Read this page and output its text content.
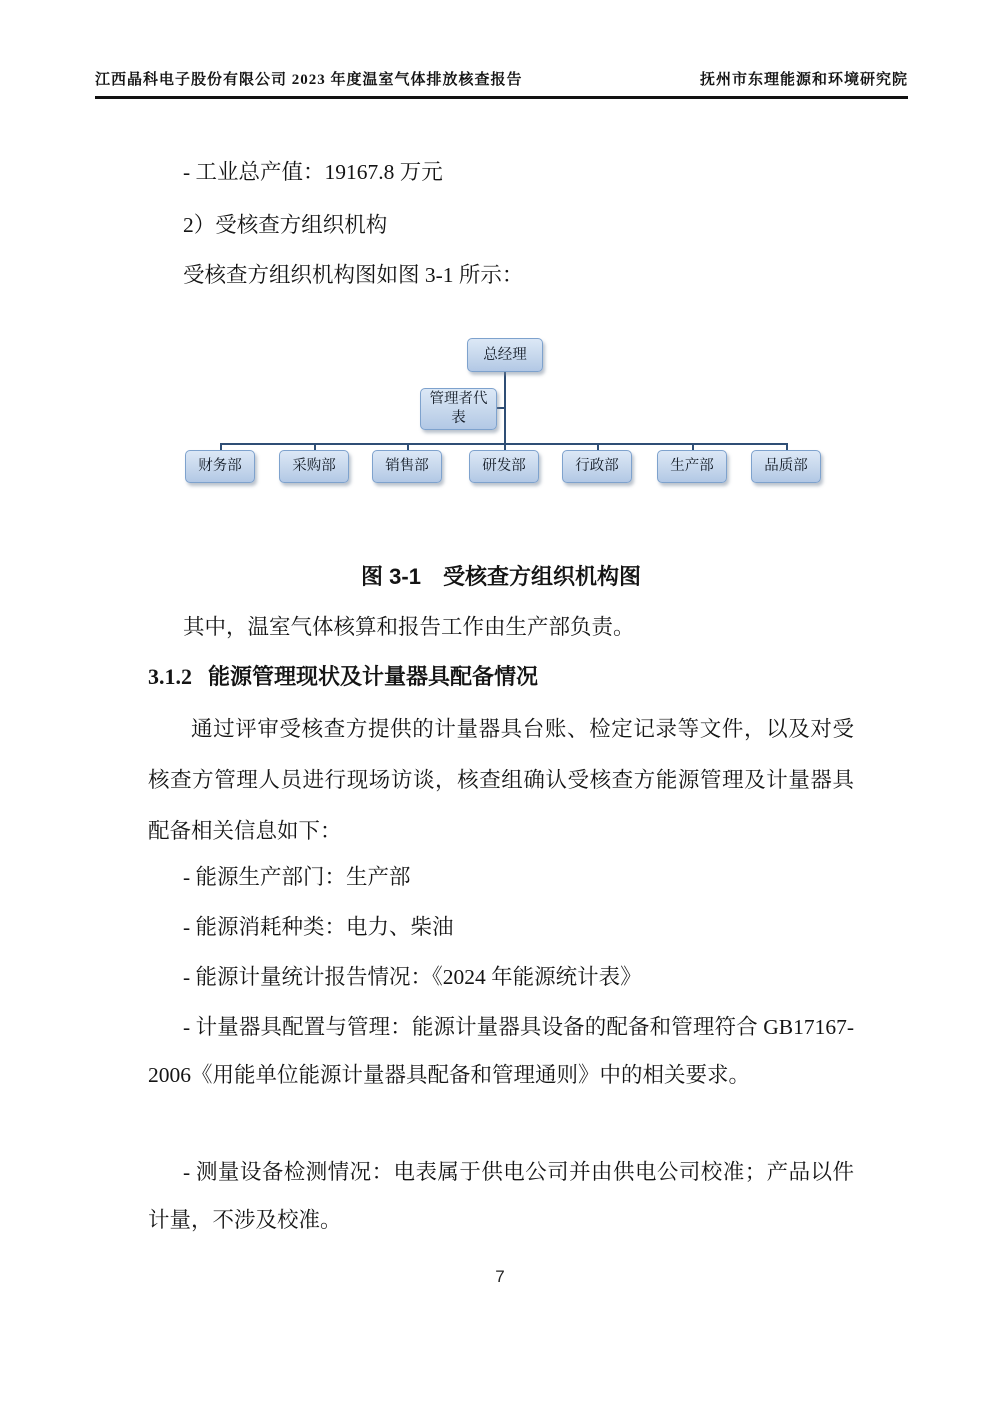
江西晶科电子股份有限公司 2023 年度温室气体排放核查报告	抚州市东理能源和环境研究院

- 工业总产值：19167.8 万元

2）受核查方组织机构

受核查方组织机构图如图 3-1 所示：

总经理
管理者代表
财务部	采购部	销售部	研发部	行政部	生产部	品质部

图 3-1　受核查方组织机构图

其中，温室气体核算和报告工作由生产部负责。

3.1.2 能源管理现状及计量器具配备情况

通过评审受核查方提供的计量器具台账、检定记录等文件，以及对受核查方管理人员进行现场访谈，核查组确认受核查方能源管理及计量器具配备相关信息如下：

- 能源生产部门：生产部

- 能源消耗种类：电力、柴油

- 能源计量统计报告情况：《2024 年能源统计表》

- 计量器具配置与管理：能源计量器具设备的配备和管理符合 GB17167-2006《用能单位能源计量器具配备和管理通则》中的相关要求。

- 测量设备检测情况：电表属于供电公司并由供电公司校准；产品以件计量，不涉及校准。

7
